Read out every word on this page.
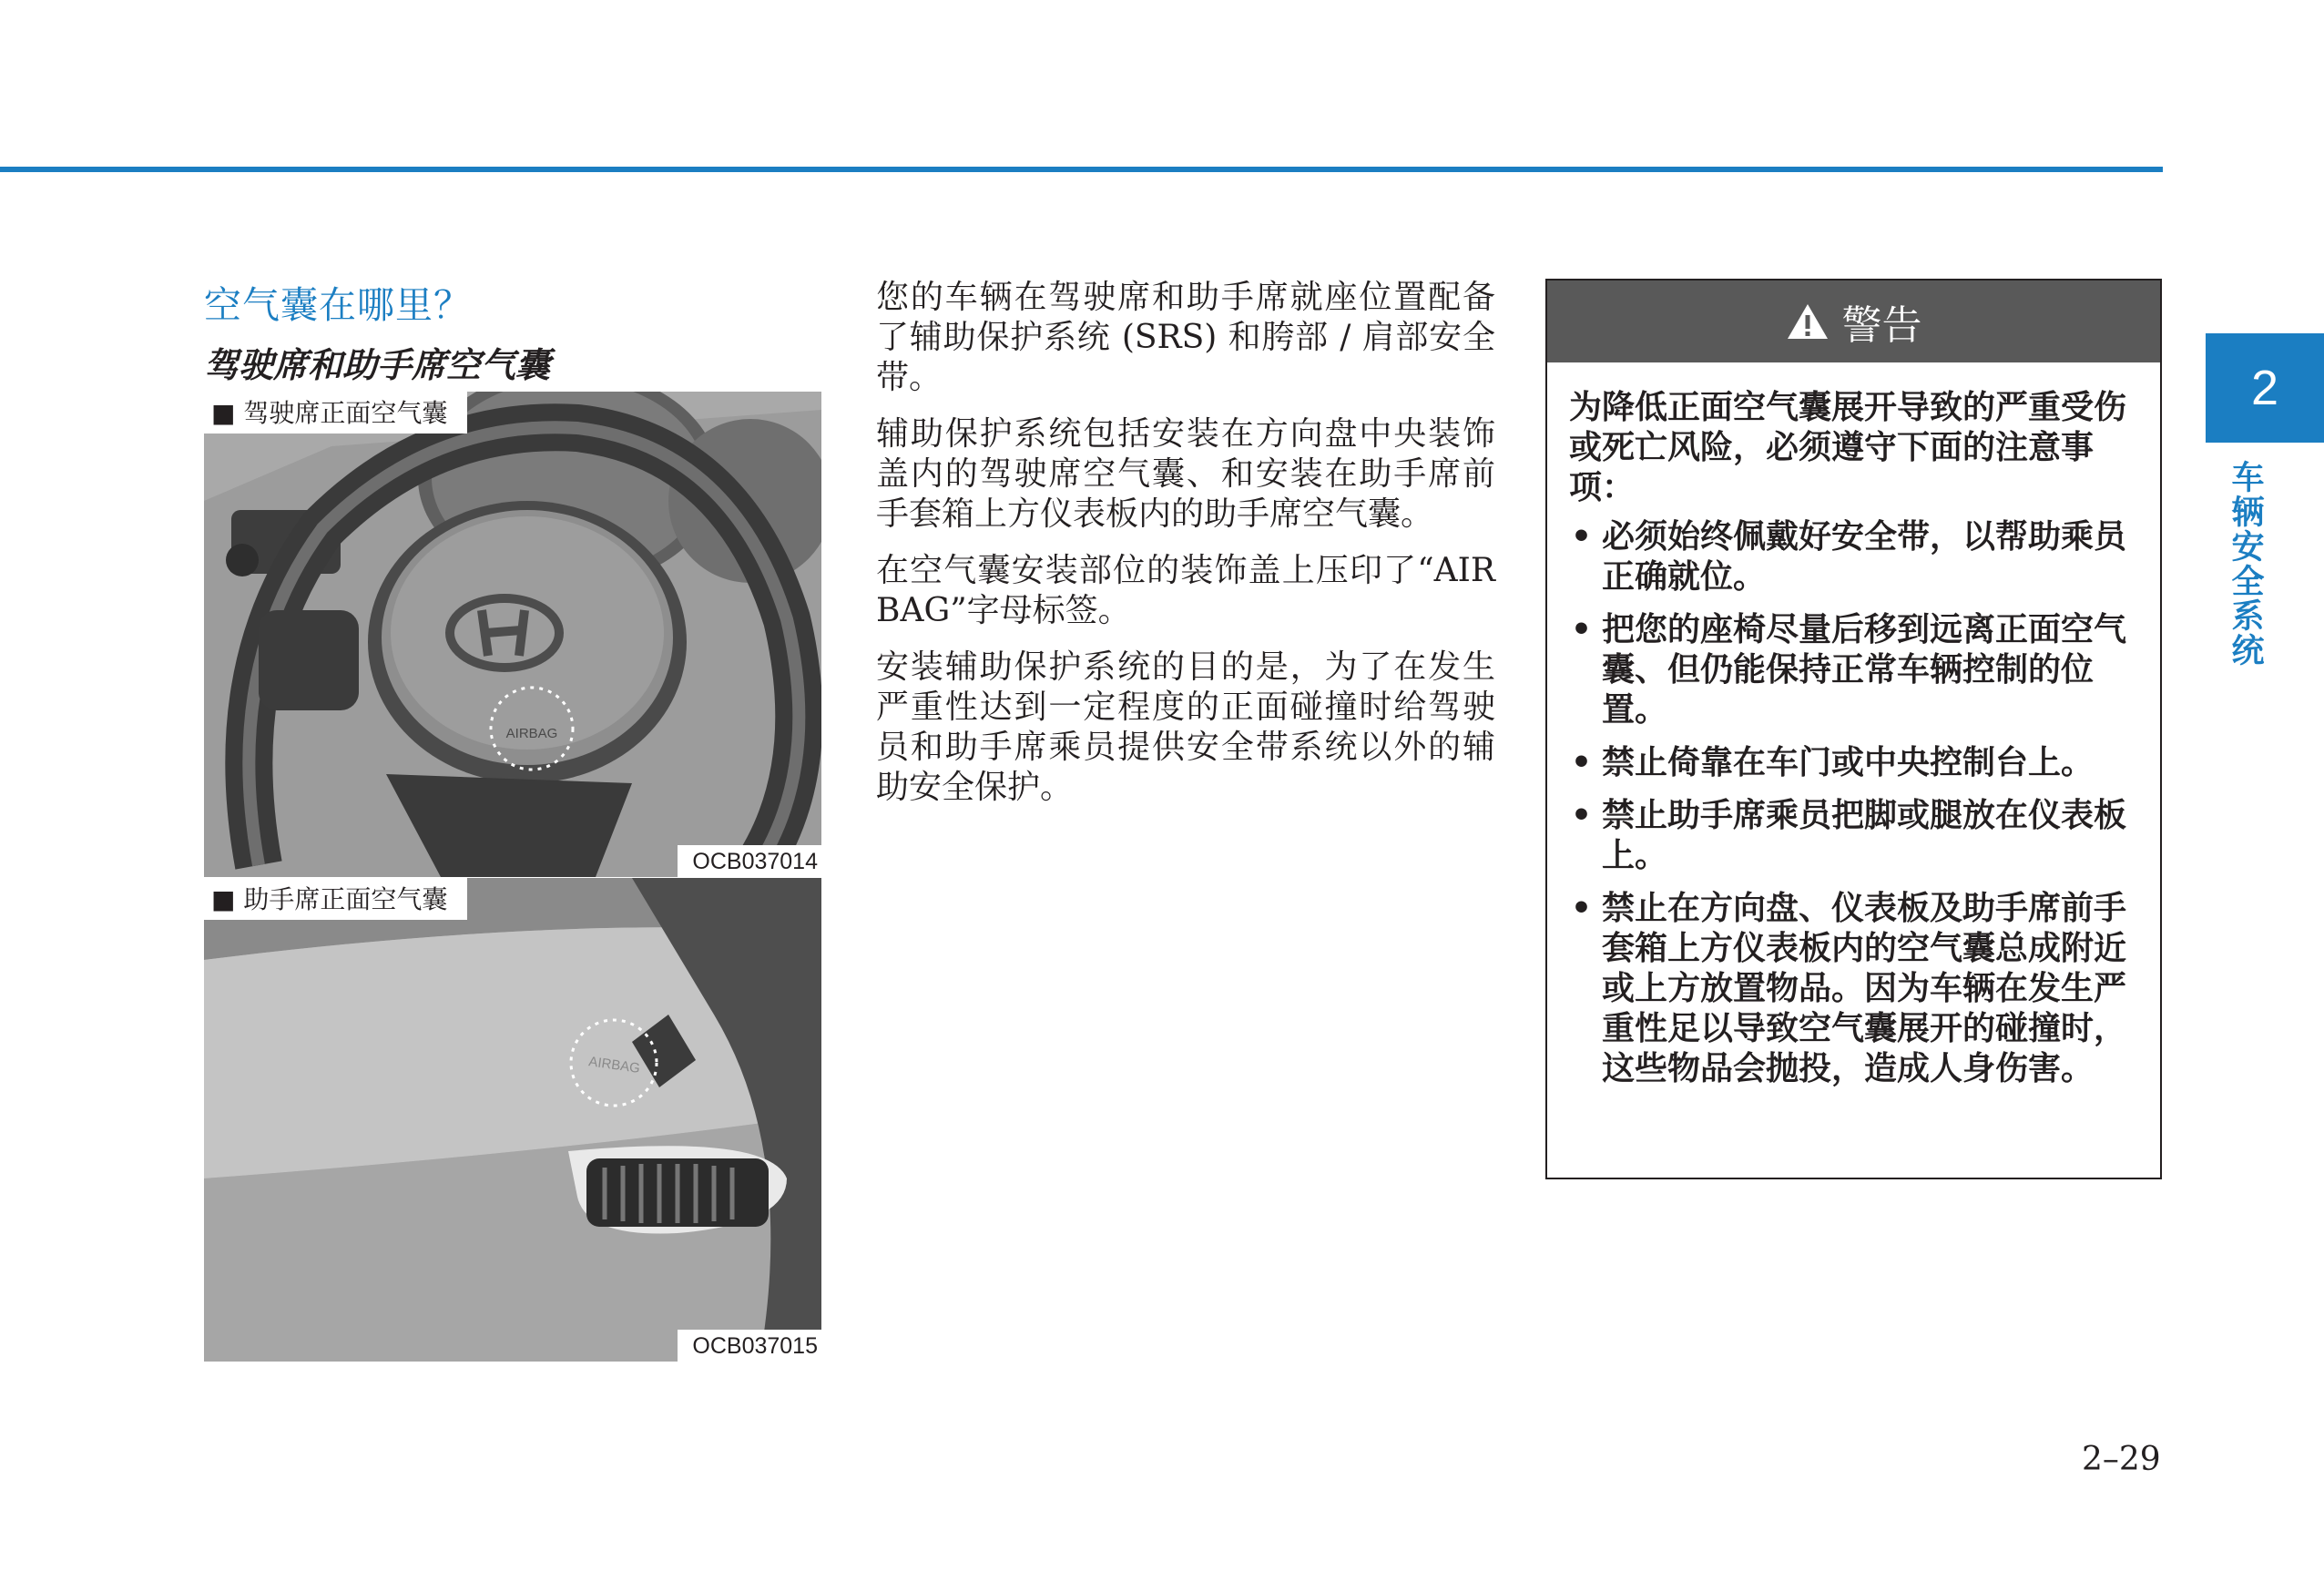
空气囊在哪里？
驾驶席和助手席空气囊
AIRBAG
■ 驾驶席正面空气囊
OCB037014
AIRBAG
■ 助手席正面空气囊
OCB037015

您的车辆在驾驶席和助手席就座位置配备了辅助保护系统 (SRS) 和胯部 / 肩部安全带。

辅助保护系统包括安装在方向盘中央装饰盖内的驾驶席空气囊、和安装在助手席前手套箱上方仪表板内的助手席空气囊。

在空气囊安装部位的装饰盖上压印了“AIR BAG”字母标签。

安装辅助保护系统的目的是，为了在发生严重性达到一定程度的正面碰撞时给驾驶员和助手席乘员提供安全带系统以外的辅助安全保护。

警告

为降低正面空气囊展开导致的严重受伤或死亡风险，必须遵守下面的注意事项：

• 必须始终佩戴好安全带，以帮助乘员正确就位。
• 把您的座椅尽量后移到远离正面空气囊、但仍能保持正常车辆控制的位置。
• 禁止倚靠在车门或中央控制台上。
• 禁止助手席乘员把脚或腿放在仪表板上。
• 禁止在方向盘、仪表板及助手席前手套箱上方仪表板内的空气囊总成附近或上方放置物品。因为车辆在发生严重性足以导致空气囊展开的碰撞时，这些物品会抛投，造成人身伤害。
2
车辆安全系统
2–29
